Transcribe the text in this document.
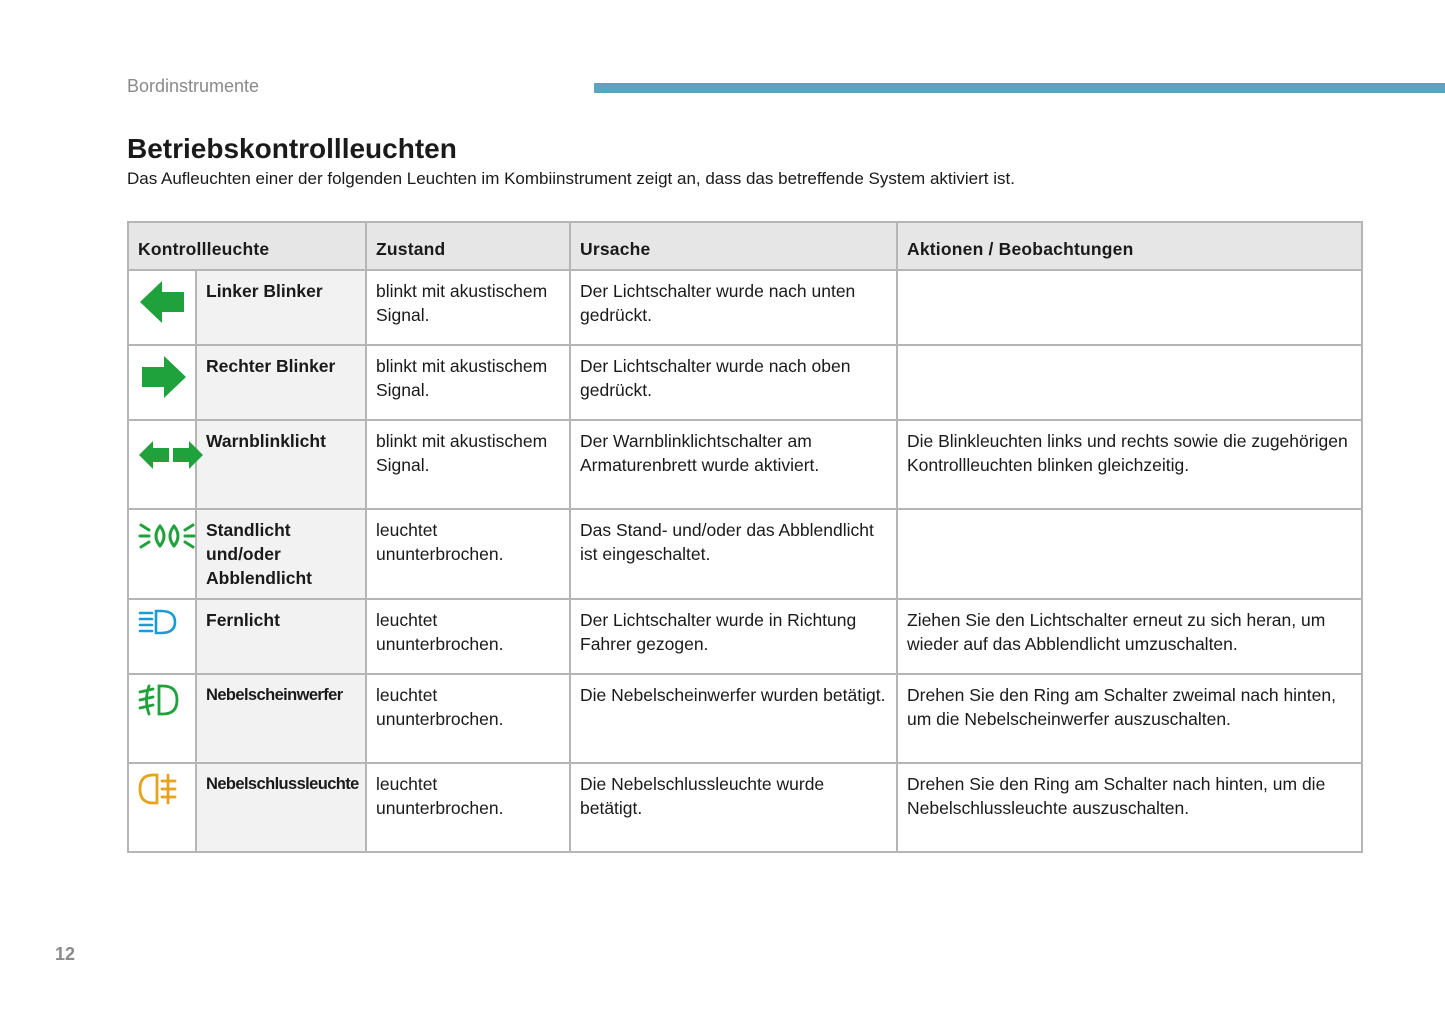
Bordinstrumente
Betriebskontrollleuchten

Das Aufleuchten einer der folgenden Leuchten im Kombiinstrument zeigt an, dass das betreffende System aktiviert ist.

Kontrollleuchte		Zustand	Ursache	Aktionen / Beobachtungen
	Linker Blinker	blinkt mit akustischem Signal.	Der Lichtschalter wurde nach unten gedrückt.	
	Rechter Blinker	blinkt mit akustischem Signal.	Der Lichtschalter wurde nach oben gedrückt.	
	Warnblinklicht	blinkt mit akustischem Signal.	Der Warnblinklichtschalter am Armaturenbrett wurde aktiviert.	Die Blinkleuchten links und rechts sowie die zugehörigen Kontrollleuchten blinken gleichzeitig.
	Standlicht und/oder Abblendlicht	leuchtet ununterbrochen.	Das Stand- und/oder das Abblendlicht ist eingeschaltet.	
	Fernlicht	leuchtet ununterbrochen.	Der Lichtschalter wurde in Richtung Fahrer gezogen.	Ziehen Sie den Lichtschalter erneut zu sich heran, um wieder auf das Abblendlicht umzuschalten.
	Nebelscheinwerfer	leuchtet ununterbrochen.	Die Nebelscheinwerfer wurden betätigt.	Drehen Sie den Ring am Schalter zweimal nach hinten, um die Nebelscheinwerfer auszuschalten.
	Nebelschlussleuchte	leuchtet ununterbrochen.	Die Nebelschlussleuchte wurde betätigt.	Drehen Sie den Ring am Schalter nach hinten, um die Nebelschlussleuchte auszuschalten.
12
